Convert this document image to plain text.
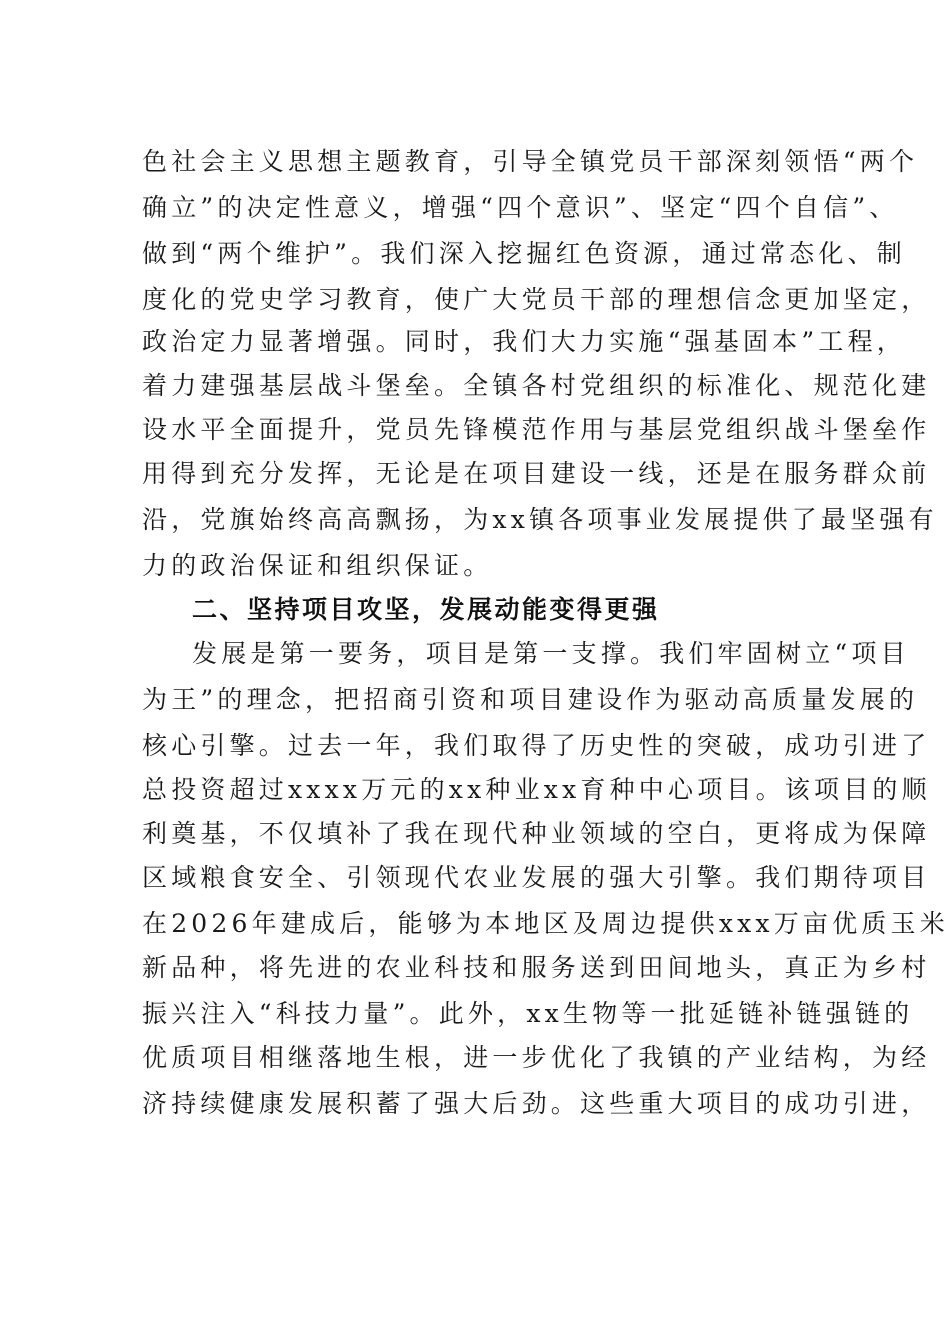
色社会主义思想主题教育，引导全镇党员干部深刻领悟“两个
确立”的决定性意义，增强“四个意识”、坚定“四个自信”、
做到“两个维护”。我们深入挖掘红色资源，通过常态化、制
度化的党史学习教育，使广大党员干部的理想信念更加坚定，
政治定力显著增强。同时，我们大力实施“强基固本”工程，
着力建强基层战斗堡垒。全镇各村党组织的标准化、规范化建
设水平全面提升，党员先锋模范作用与基层党组织战斗堡垒作
用得到充分发挥，无论是在项目建设一线，还是在服务群众前
沿，党旗始终高高飘扬，为xx镇各项事业发展提供了最坚强有
力的政治保证和组织保证。
二、坚持项目攻坚，发展动能变得更强
发展是第一要务，项目是第一支撑。我们牢固树立“项目
为王”的理念，把招商引资和项目建设作为驱动高质量发展的
核心引擎。过去一年，我们取得了历史性的突破，成功引进了
总投资超过xxxx万元的xx种业xx育种中心项目。该项目的顺
利奠基，不仅填补了我在现代种业领域的空白，更将成为保障
区域粮食安全、引领现代农业发展的强大引擎。我们期待项目
在2026年建成后，能够为本地区及周边提供xxx万亩优质玉米
新品种，将先进的农业科技和服务送到田间地头，真正为乡村
振兴注入“科技力量”。此外，xx生物等一批延链补链强链的
优质项目相继落地生根，进一步优化了我镇的产业结构，为经
济持续健康发展积蓄了强大后劲。这些重大项目的成功引进，
